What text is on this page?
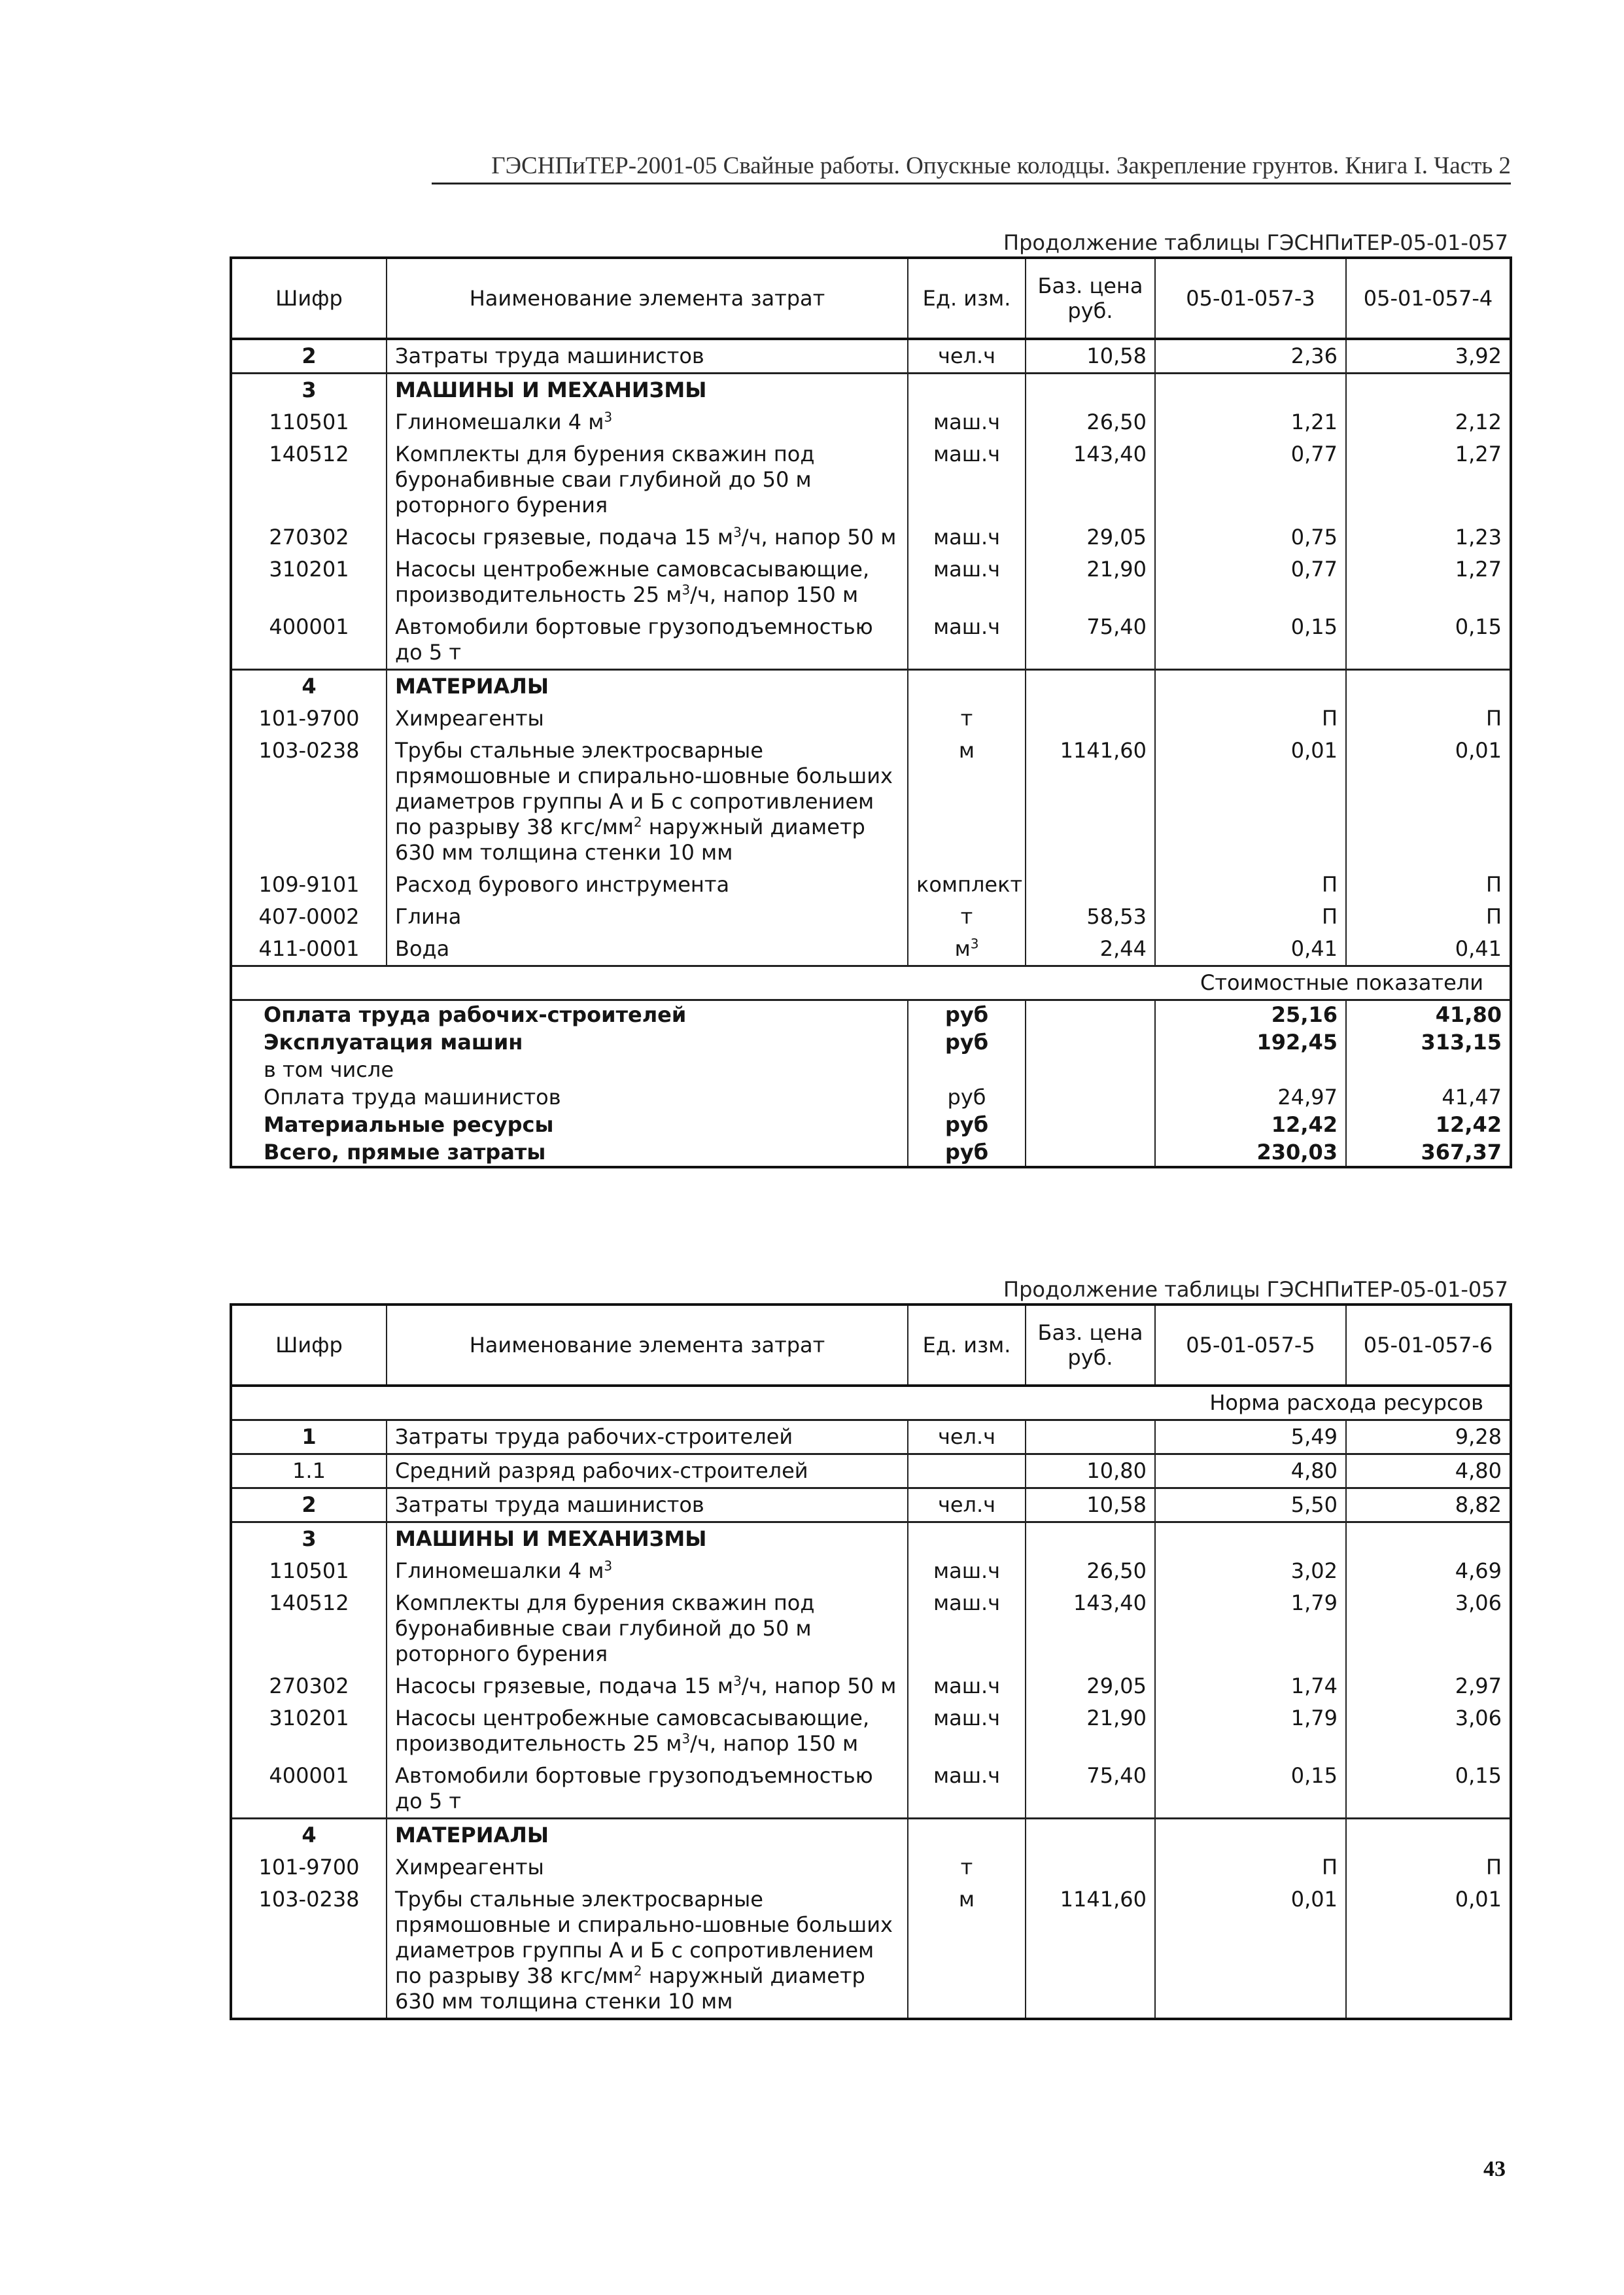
ГЭСНПиТЕР-2001-05 Свайные работы. Опускные колодцы. Закрепление грунтов. Книга I. Часть 2
Продолжение таблицы ГЭСНПиТЕР-05-01-057
Шифр	Наименование элемента затрат	Ед. изм.	Баз. цена руб.	05-01-057-3	05-01-057-4
2	Затраты труда машинистов	чел.ч	10,58	2,36	3,92
3	МАШИНЫ И МЕХАНИЗМЫ				
110501	Глиномешалки 4 $м^3$	маш.ч	26,50	1,21	2,12
140512	Комплекты для бурения скважин под буронабивные сваи глубиной до 50 м роторного бурения	маш.ч	143,40	0,77	1,27
270302	Насосы грязевые, подача 15 $м^3/ч$, напор 50 м	маш.ч	29,05	0,75	1,23
310201	Насосы центробежные самовсасывающие, производительность 25 $м^3/ч$, напор 150 м	маш.ч	21,90	0,77	1,27
400001	Автомобили бортовые грузоподъемностью до 5 т	маш.ч	75,40	0,15	0,15
4	МАТЕРИАЛЫ				
101-9700	Химреагенты	т		П	П
103-0238	Трубы стальные электросварные прямошовные и спирально-шовные больших диаметров группы А и Б с сопротивлением по разрыву 38 кгс/$мм^2$ наружный диаметр 630 мм толщина стенки 10 мм	м	1141,60	0,01	0,01
109-9101	Расход бурового инструмента	комплект		П	П
407-0002	Глина	т	58,53	П	П
411-0001	Вода	$м^3$	2,44	0,41	0,41
Стоимостные показатели					
Оплата труда рабочих-строителей		руб		25,16	41,80
Эксплуатация машин		руб		192,45	313,15
в том числе					
Оплата труда машинистов		руб		24,97	41,47
Материальные ресурсы		руб		12,42	12,42
Всего, прямые затраты		руб		230,03	367,37
Продолжение таблицы ГЭСНПиТЕР-05-01-057
Шифр	Наименование элемента затрат	Ед. изм.	Баз. цена руб.	05-01-057-5	05-01-057-6
Норма расхода ресурсов					
1	Затраты труда рабочих-строителей	чел.ч		5,49	9,28
1.1	Средний разряд рабочих-строителей		10,80	4,80	4,80
2	Затраты труда машинистов	чел.ч	10,58	5,50	8,82
3	МАШИНЫ И МЕХАНИЗМЫ				
110501	Глиномешалки 4 $м^3$	маш.ч	26,50	3,02	4,69
140512	Комплекты для бурения скважин под буронабивные сваи глубиной до 50 м роторного бурения	маш.ч	143,40	1,79	3,06
270302	Насосы грязевые, подача 15 $м^3/ч$, напор 50 м	маш.ч	29,05	1,74	2,97
310201	Насосы центробежные самовсасывающие, производительность 25 $м^3/ч$, напор 150 м	маш.ч	21,90	1,79	3,06
400001	Автомобили бортовые грузоподъемностью до 5 т	маш.ч	75,40	0,15	0,15
4	МАТЕРИАЛЫ				
101-9700	Химреагенты	т		П	П
103-0238	Трубы стальные электросварные прямошовные и спирально-шовные больших диаметров группы А и Б с сопротивлением по разрыву 38 кгс/$мм^2$ наружный диаметр 630 мм толщина стенки 10 мм	м	1141,60	0,01	0,01
43
